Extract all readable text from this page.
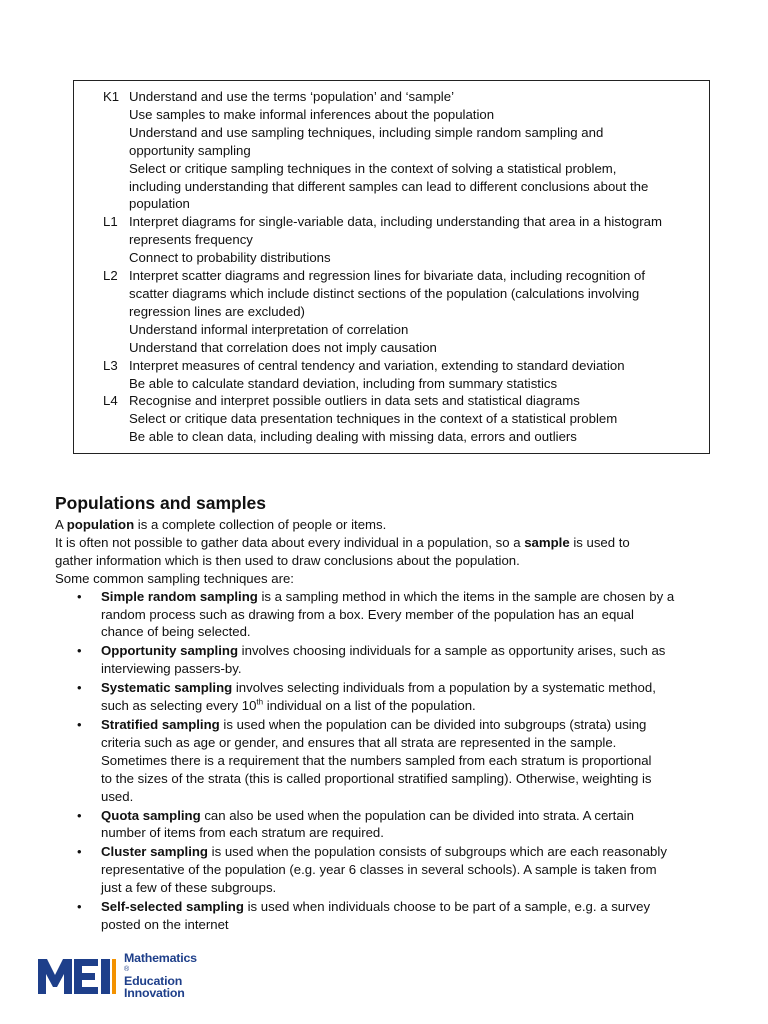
K1 Understand and use the terms ‘population’ and ‘sample’
Use samples to make informal inferences about the population
Understand and use sampling techniques, including simple random sampling and
opportunity sampling
Select or critique sampling techniques in the context of solving a statistical problem,
including understanding that different samples can lead to different conclusions about the
population
L1 Interpret diagrams for single-variable data, including understanding that area in a histogram
represents frequency
Connect to probability distributions
L2 Interpret scatter diagrams and regression lines for bivariate data, including recognition of
scatter diagrams which include distinct sections of the population (calculations involving
regression lines are excluded)
Understand informal interpretation of correlation
Understand that correlation does not imply causation
L3 Interpret measures of central tendency and variation, extending to standard deviation
Be able to calculate standard deviation, including from summary statistics
L4 Recognise and interpret possible outliers in data sets and statistical diagrams
Select or critique data presentation techniques in the context of a statistical problem
Be able to clean data, including dealing with missing data, errors and outliers
Populations and samples

A population is a complete collection of people or items.

It is often not possible to gather data about every individual in a population, so a sample is used to
gather information which is then used to draw conclusions about the population.

Some common sampling techniques are:

• Simple random sampling is a sampling method in which the items in the sample are chosen by a
random process such as drawing from a box. Every member of the population has an equal
chance of being selected.
• Opportunity sampling involves choosing individuals for a sample as opportunity arises, such as
interviewing passers-by.
• Systematic sampling involves selecting individuals from a population by a systematic method,
such as selecting every 10th individual on a list of the population.
• Stratified sampling is used when the population can be divided into subgroups (strata) using
criteria such as age or gender, and ensures that all strata are represented in the sample.
Sometimes there is a requirement that the numbers sampled from each stratum is proportional
to the sizes of the strata (this is called proportional stratified sampling). Otherwise, weighting is
used.
• Quota sampling can also be used when the population can be divided into strata. A certain
number of items from each stratum are required.
• Cluster sampling is used when the population consists of subgroups which are each reasonably
representative of the population (e.g. year 6 classes in several schools). A sample is taken from
just a few of these subgroups.
• Self-selected sampling is used when individuals choose to be part of a sample, e.g. a survey
posted on the internet
Mathematics
®
Education
Innovation
